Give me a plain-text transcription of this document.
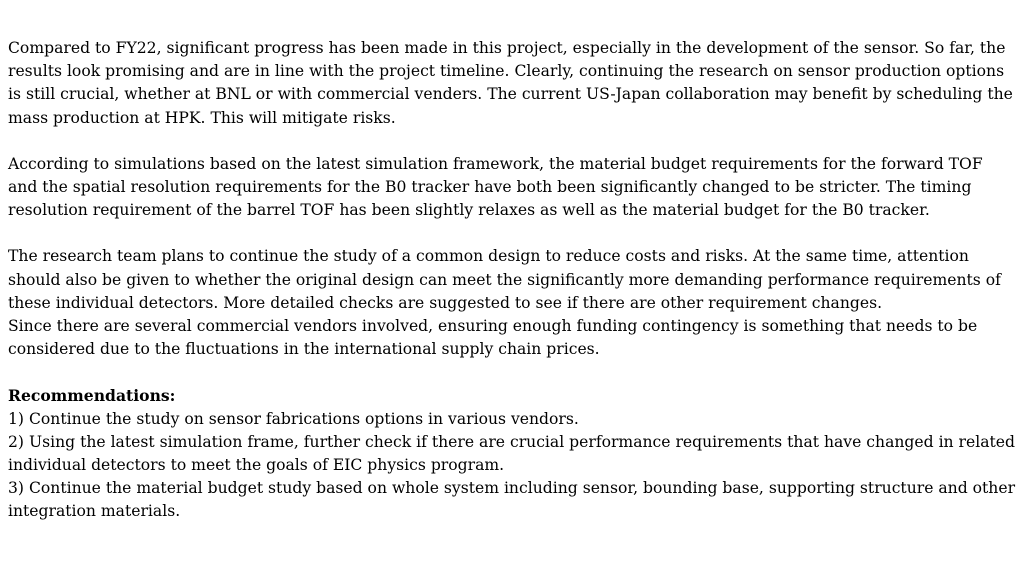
Compared to FY22, significant progress has been made in this project, especially in the development of the sensor. So far, the results look promising and are in line with the project timeline. Clearly, continuing the research on sensor production options is still crucial, whether at BNL or with commercial venders. The current US-Japan collaboration may benefit by scheduling the mass production at HPK. This will mitigate risks.

According to simulations based on the latest simulation framework, the material budget requirements for the forward TOF and the spatial resolution requirements for the B0 tracker have both been significantly changed to be stricter. The timing resolution requirement of the barrel TOF has been slightly relaxes as well as the material budget for the B0 tracker.

The research team plans to continue the study of a common design to reduce costs and risks. At the same time, attention should also be given to whether the original design can meet the significantly more demanding performance requirements of these individual detectors. More detailed checks are suggested to see if there are other requirement changes.

Since there are several commercial vendors involved, ensuring enough funding contingency is something that needs to be considered due to the fluctuations in the international supply chain prices.

Recommendations:

1) Continue the study on sensor fabrications options in various vendors.

2) Using the latest simulation frame, further check if there are crucial performance requirements that have changed in related individual detectors to meet the goals of EIC physics program.

3) Continue the material budget study based on whole system including sensor, bounding base, supporting structure and other integration materials.
